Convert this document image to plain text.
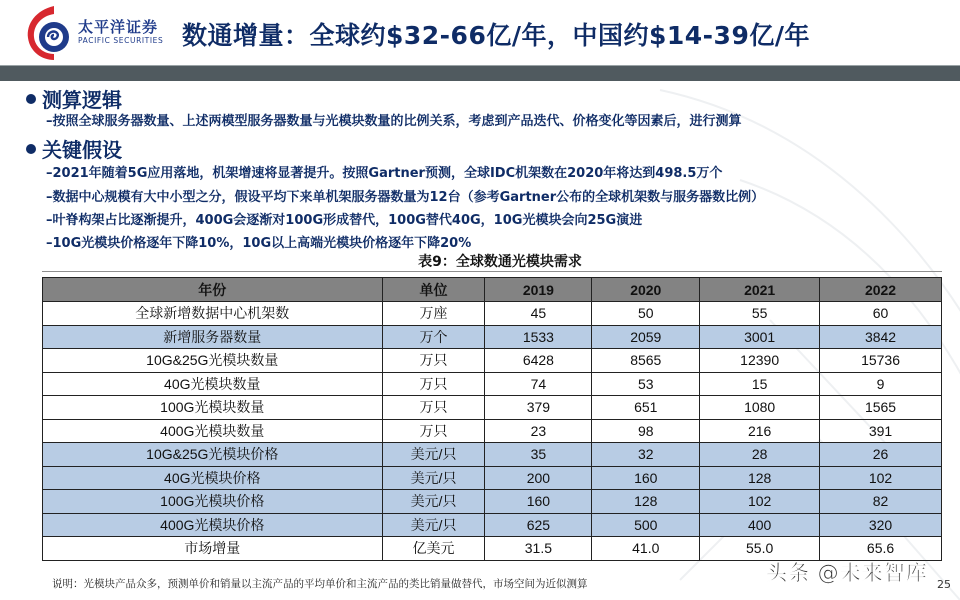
太平洋证券
PACIFIC SECURITIES 数通增量：全球约$32-66亿/年，中国约$14-39亿/年
测算逻辑
–按照全球服务器数量、上述两模型服务器数量与光模块数量的比例关系，考虑到产品迭代、价格变化等因素后，进行测算
关键假设
–2021年随着5G应用落地，机架增速将显著提升。按照Gartner预测，全球IDC机架数在2020年将达到498.5万个
–数据中心规模有大中小型之分，假设平均下来单机架服务器数量为12台（参考Gartner公布的全球机架数与服务器数比例）
–叶脊构架占比逐渐提升，400G会逐渐对100G形成替代，100G替代40G，10G光模块会向25G演进
–10G光模块价格逐年下降10%，10G以上高端光模块价格逐年下降20%
表9：全球数通光模块需求
年份	单位	2019	2020	2021	2022
全球新增数据中心机架数	万座	45	50	55	60
新增服务器数量	万个	1533	2059	3001	3842
10G&25G光模块数量	万只	6428	8565	12390	15736
40G光模块数量	万只	74	53	15	9
100G光模块数量	万只	379	651	1080	1565
400G光模块数量	万只	23	98	216	391
10G&25G光模块价格	美元/只	35	32	28	26
40G光模块价格	美元/只	200	160	128	102
100G光模块价格	美元/只	160	128	102	82
400G光模块价格	美元/只	625	500	400	320
市场增量	亿美元	31.5	41.0	55.0	65.6
说明：光模块产品众多，预测单价和销量以主流产品的平均单价和主流产品的类比销量做替代，市场空间为近似测算	头条 @未来智库 25
